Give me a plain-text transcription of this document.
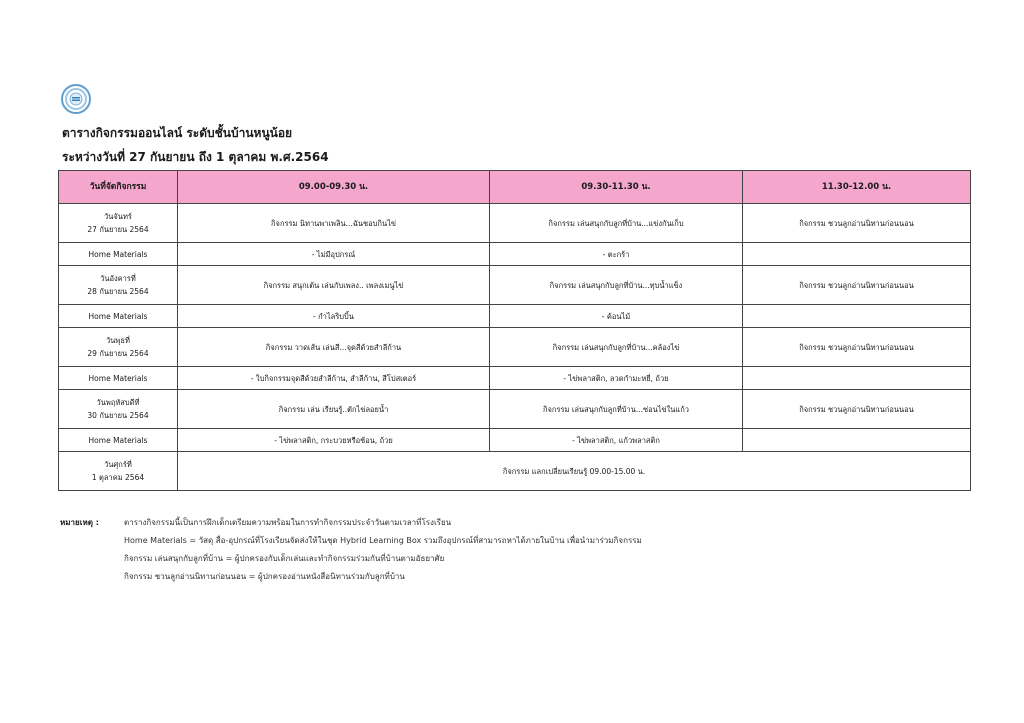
ตารางกิจกรรมออนไลน์ ระดับชั้นบ้านหนูน้อย
ระหว่างวันที่ 27 กันยายน ถึง 1 ตุลาคม พ.ศ.2564
วันที่จัดกิจกรรม	09.00-09.30 น.	09.30-11.30 น.	11.30-12.00 น.

วันจันทร์
27 กันยายน 2564	กิจกรรม นิทานพาเพลิน...ฉันชอบกินไข่	กิจกรรม เล่นสนุกกับลูกที่บ้าน...แข่งกันเก็บ	กิจกรรม ชวนลูกอ่านนิทานก่อนนอน
Home Materials	- ไม่มีอุปกรณ์	- ตะกร้า	

วันอังคารที่
28 กันยายน 2564	กิจกรรม สนุกเต้น เล่นกับเพลง.. เพลงเมนูไข่	กิจกรรม เล่นสนุกกับลูกที่บ้าน...ทุบน้ำแข็ง	กิจกรรม ชวนลูกอ่านนิทานก่อนนอน
Home Materials	- กำไลริบบิ้น	- ค้อนไม้	

วันพุธที่
29 กันยายน 2564	กิจกรรม วาดเส้น เล่นสี...จุดสีด้วยสำลีก้าน	กิจกรรม เล่นสนุกกับลูกที่บ้าน...คล้องไข่	กิจกรรม ชวนลูกอ่านนิทานก่อนนอน
Home Materials	- ใบกิจกรรมจุดสีด้วยสำลีก้าน, สำลีก้าน, สีโปสเตอร์	- ไข่พลาสติก, ลวดกำมะหยี่, ถ้วย	

วันพฤหัสบดีที่
30 กันยายน 2564	กิจกรรม เล่น เรียนรู้..ตักไข่ลอยน้ำ	กิจกรรม เล่นสนุกกับลูกที่บ้าน...ซ่อนไข่ในแก้ว	กิจกรรม ชวนลูกอ่านนิทานก่อนนอน
Home Materials	- ไข่พลาสติก, กระบวยหรือช้อน, ถ้วย	- ไข่พลาสติก, แก้วพลาสติก	

วันศุกร์ที่
1 ตุลาคม 2564	กิจกรรม แลกเปลี่ยนเรียนรู้ 09.00-15.00 น.		
หมายเหตุ :	ตารางกิจกรรมนี้เป็นการฝึกเด็กเตรียมความพร้อมในการทำกิจกรรมประจำวันตามเวลาที่โรงเรียน
Home Materials = วัสดุ สื่อ-อุปกรณ์ที่โรงเรียนจัดส่งให้ในชุด Hybrid Learning Box รวมถึงอุปกรณ์ที่สามารถหาได้ภายในบ้าน เพื่อนำมาร่วมกิจกรรม
กิจกรรม เล่นสนุกกับลูกที่บ้าน = ผู้ปกครองกับเด็กเล่นและทำกิจกรรมร่วมกันที่บ้านตามอัธยาศัย
กิจกรรม ชวนลูกอ่านนิทานก่อนนอน = ผู้ปกครองอ่านหนังสือนิทานร่วมกับลูกที่บ้าน
